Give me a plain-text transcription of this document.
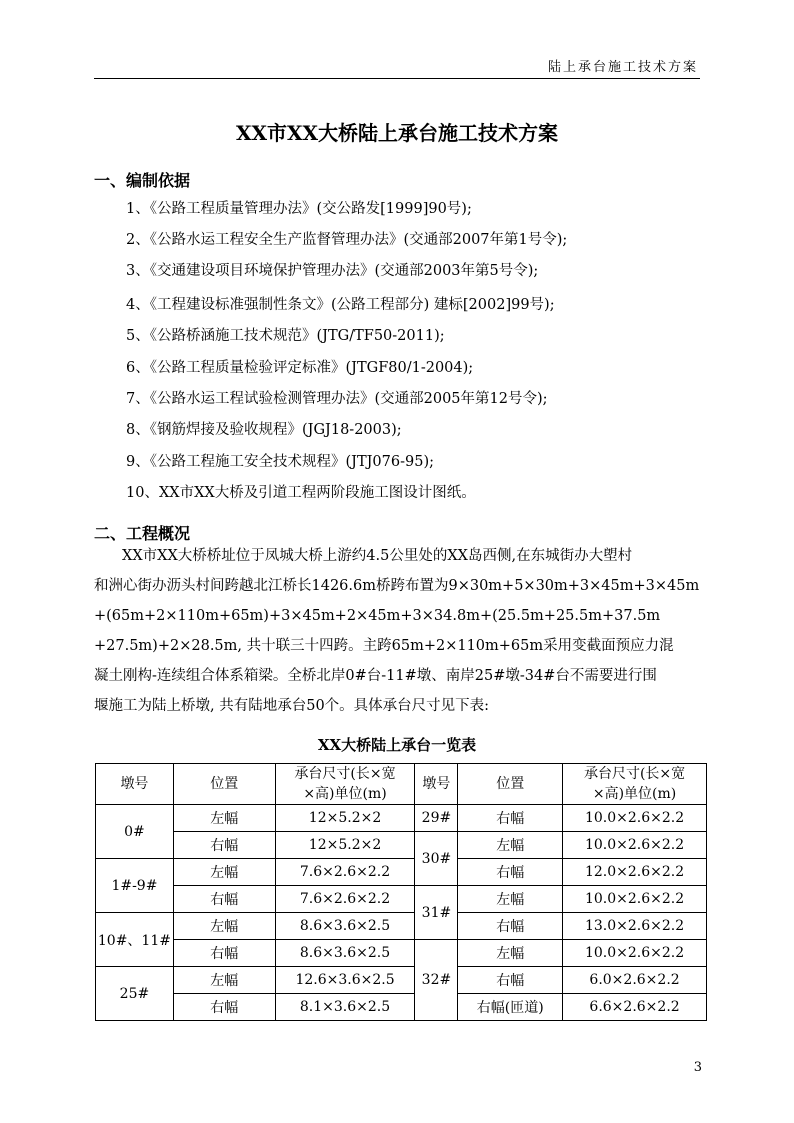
陆上承台施工技术方案
XX市XX大桥陆上承台施工技术方案
一、编制依据
1、《公路工程质量管理办法》(交公路发[1999]90号);
2、《公路水运工程安全生产监督管理办法》(交通部2007年第1号令);
3、《交通建设项目环境保护管理办法》(交通部2003年第5号令);
4、《工程建设标准强制性条文》(公路工程部分) 建标[2002]99号);
5、《公路桥涵施工技术规范》(JTG/TF50-2011);
6、《公路工程质量检验评定标准》(JTGF80/1-2004);
7、《公路水运工程试验检测管理办法》(交通部2005年第12号令);
8、《钢筋焊接及验收规程》(JGJ18-2003);
9、《公路工程施工安全技术规程》(JTJ076-95);
10、XX市XX大桥及引道工程两阶段施工图设计图纸。
二、工程概况
XX市XX大桥桥址位于凤城大桥上游约4.5公里处的XX岛西侧,在东城街办大塱村
和洲心街办沥头村间跨越北江桥长1426.6m桥跨布置为9×30m+5×30m+3×45m+3×45m
+(65m+2×110m+65m)+3×45m+2×45m+3×34.8m+(25.5m+25.5m+37.5m
+27.5m)+2×28.5m, 共十联三十四跨。主跨65m+2×110m+65m采用变截面预应力混
凝土刚构-连续组合体系箱梁。全桥北岸0#台-11#墩、南岸25#墩-34#台不需要进行围
堰施工为陆上桥墩, 共有陆地承台50个。具体承台尺寸见下表:
XX大桥陆上承台一览表
墩号	位置	承台尺寸(长×宽
×高)单位(m)	墩号	位置	承台尺寸(长×宽
×高)单位(m)
0#	左幅	12×5.2×2	29#	右幅	10.0×2.6×2.2
	右幅	12×5.2×2	30#	左幅	10.0×2.6×2.2
1#-9#	左幅	7.6×2.6×2.2		右幅	12.0×2.6×2.2
	右幅	7.6×2.6×2.2	31#	左幅	10.0×2.6×2.2
10#、11#	左幅	8.6×3.6×2.5		右幅	13.0×2.6×2.2
	右幅	8.6×3.6×2.5	32#	左幅	10.0×2.6×2.2
25#	左幅	12.6×3.6×2.5		右幅	6.0×2.6×2.2
	右幅	8.1×3.6×2.5		右幅(匝道)	6.6×2.6×2.2
3
